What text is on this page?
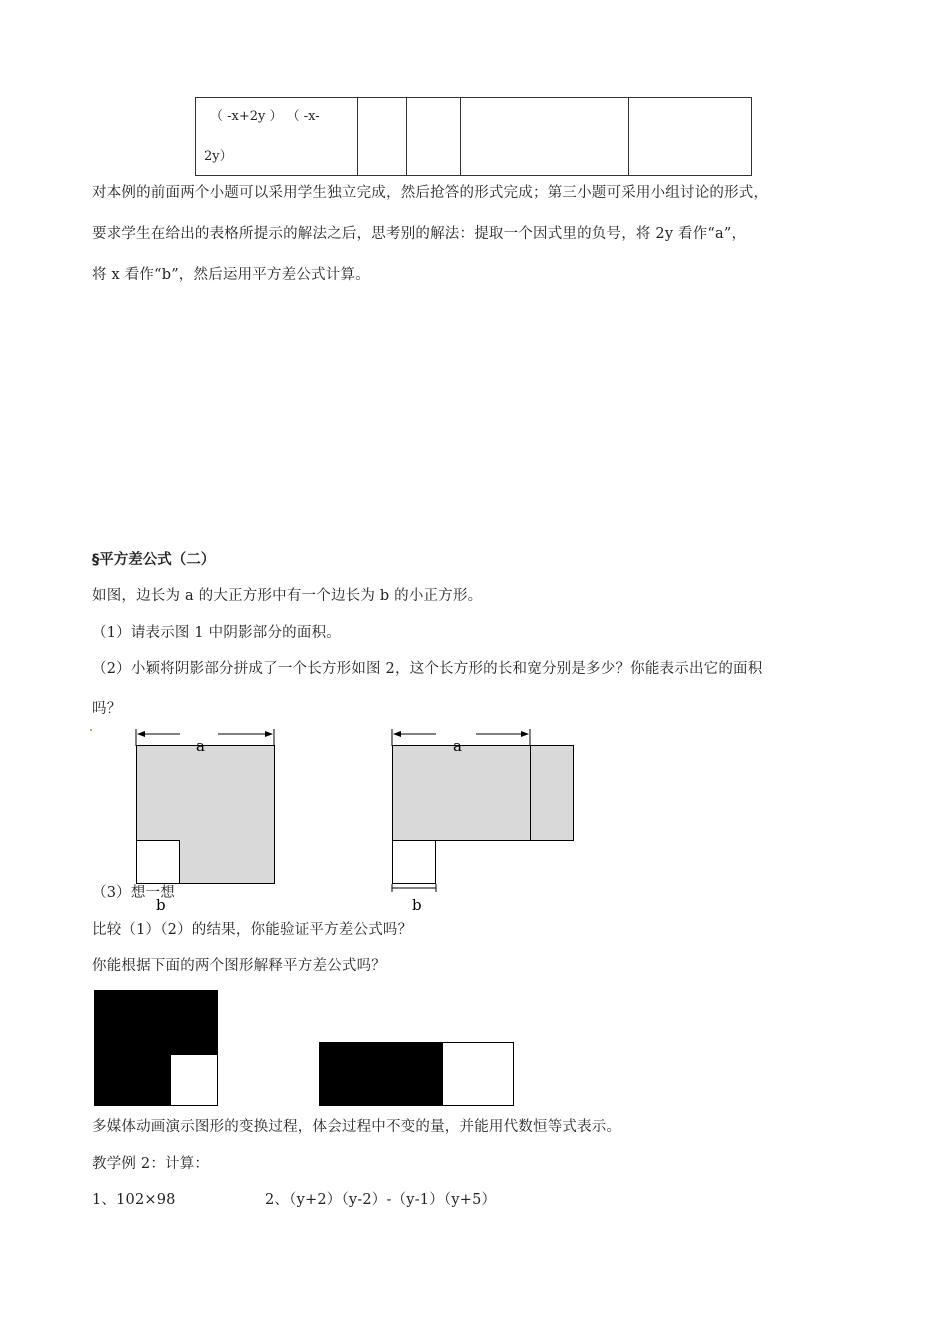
（ -x+2y ） （ -x-
2y）
对本例的前面两个小题可以采用学生独立完成，然后抢答的形式完成；第三小题可采用小组讨论的形式，
要求学生在给出的表格所提示的解法之后，思考别的解法：提取一个因式里的负号，将 2y 看作“a”，
将 x 看作“b”，然后运用平方差公式计算。
§平方差公式（二）
如图，边长为 a 的大正方形中有一个边长为 b 的小正方形。
（1）请表示图 1 中阴影部分的面积。
（2）小颖将阴影部分拼成了一个长方形如图 2，这个长方形的长和宽分别是多少？你能表示出它的面积
吗？
a
b
a
b
（3）想一想
比较（1）（2）的结果，你能验证平方差公式吗？
你能根据下面的两个图形解释平方差公式吗？
多媒体动画演示图形的变换过程，体会过程中不变的量，并能用代数恒等式表示。
教学例 2：计算：
1、102×98	2、（y+2）（y-2）-（y-1）（y+5）
